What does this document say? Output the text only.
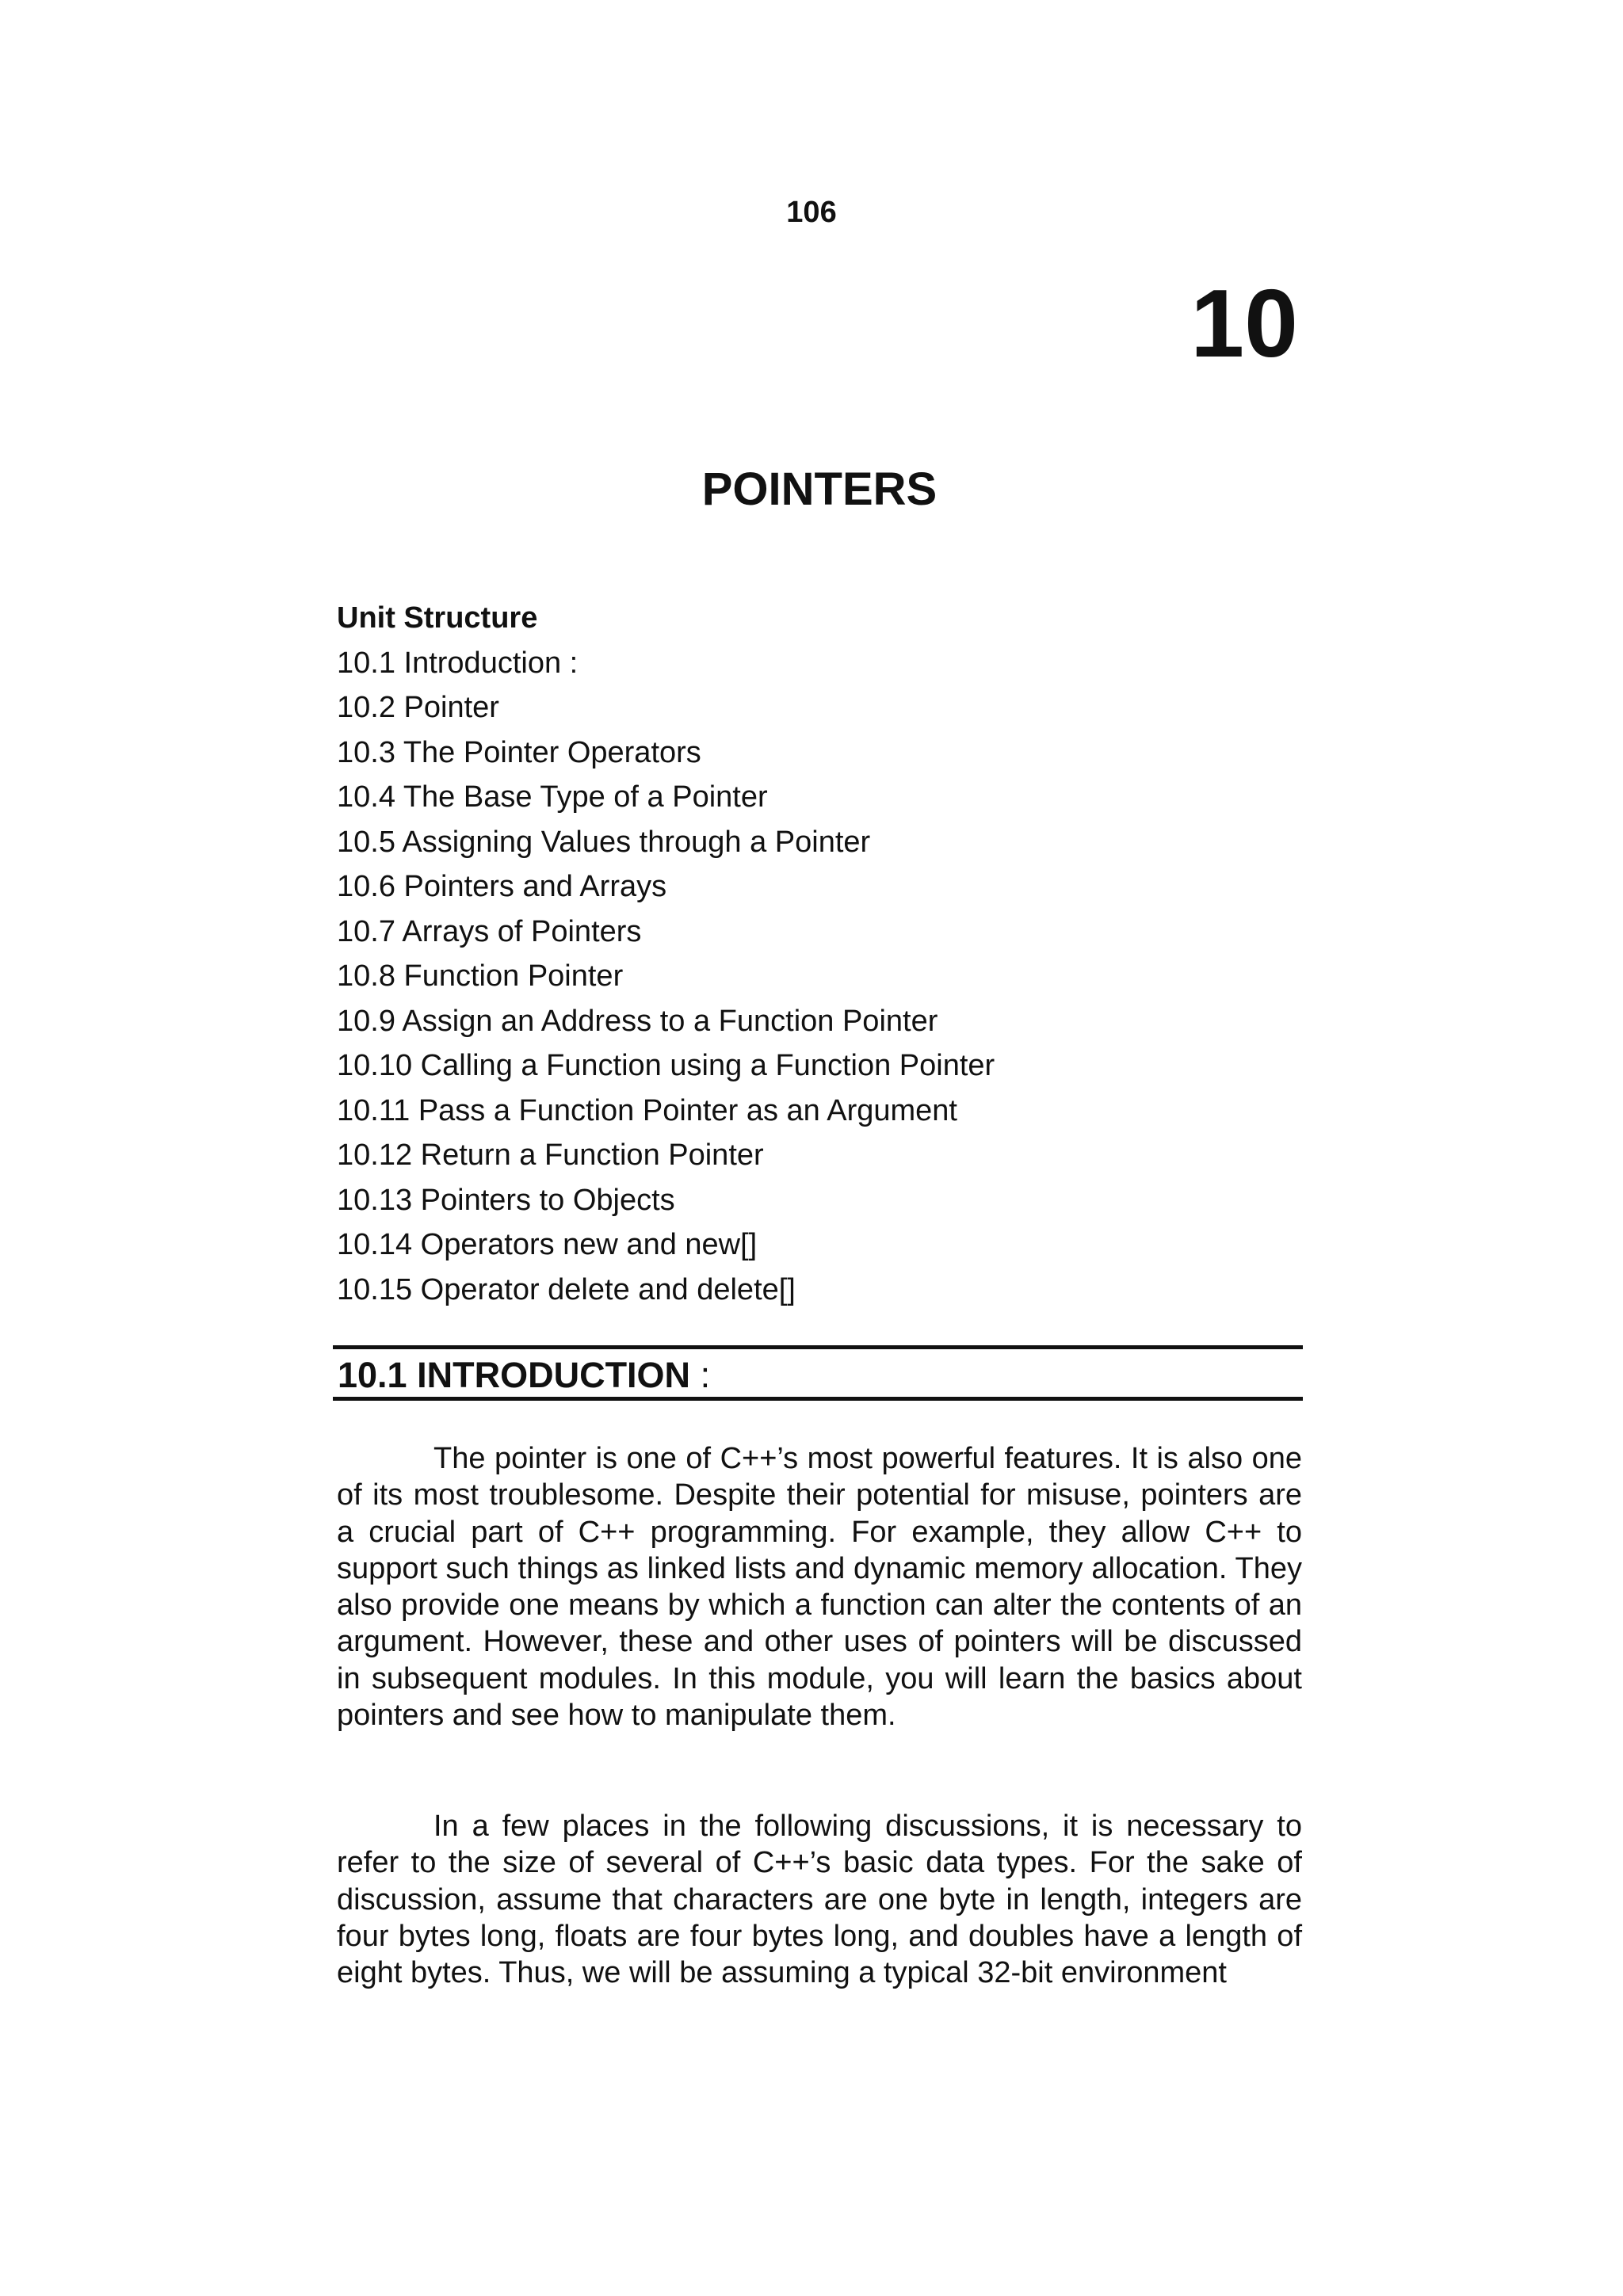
106
10
POINTERS

Unit Structure

10.1 Introduction :
10.2 Pointer
10.3 The Pointer Operators
10.4 The Base Type of a Pointer
10.5 Assigning Values through a Pointer
10.6 Pointers and Arrays
10.7 Arrays of Pointers
10.8 Function Pointer
10.9 Assign an Address to a Function Pointer
10.10 Calling a Function using a Function Pointer
10.11 Pass a Function Pointer as an Argument
10.12 Return a Function Pointer
10.13 Pointers to Objects
10.14 Operators new and new[]
10.15 Operator delete and delete[]
10.1 INTRODUCTION :

The pointer is one of C++’s most powerful features. It is also one of its most troublesome. Despite their potential for misuse, pointers are a crucial part of C++ programming. For example, they allow C++ to support such things as linked lists and dynamic memory allocation. They also provide one means by which a function can alter the contents of an argument. However, these and other uses of pointers will be discussed in subsequent modules. In this module, you will learn the basics about pointers and see how to manipulate them.

In a few places in the following discussions, it is necessary to refer to the size of several of C++’s basic data types. For the sake of discussion, assume that characters are one byte in length, integers are four bytes long, floats are four bytes long, and doubles have a length of eight bytes. Thus, we will be assuming a typical 32-bit environment
